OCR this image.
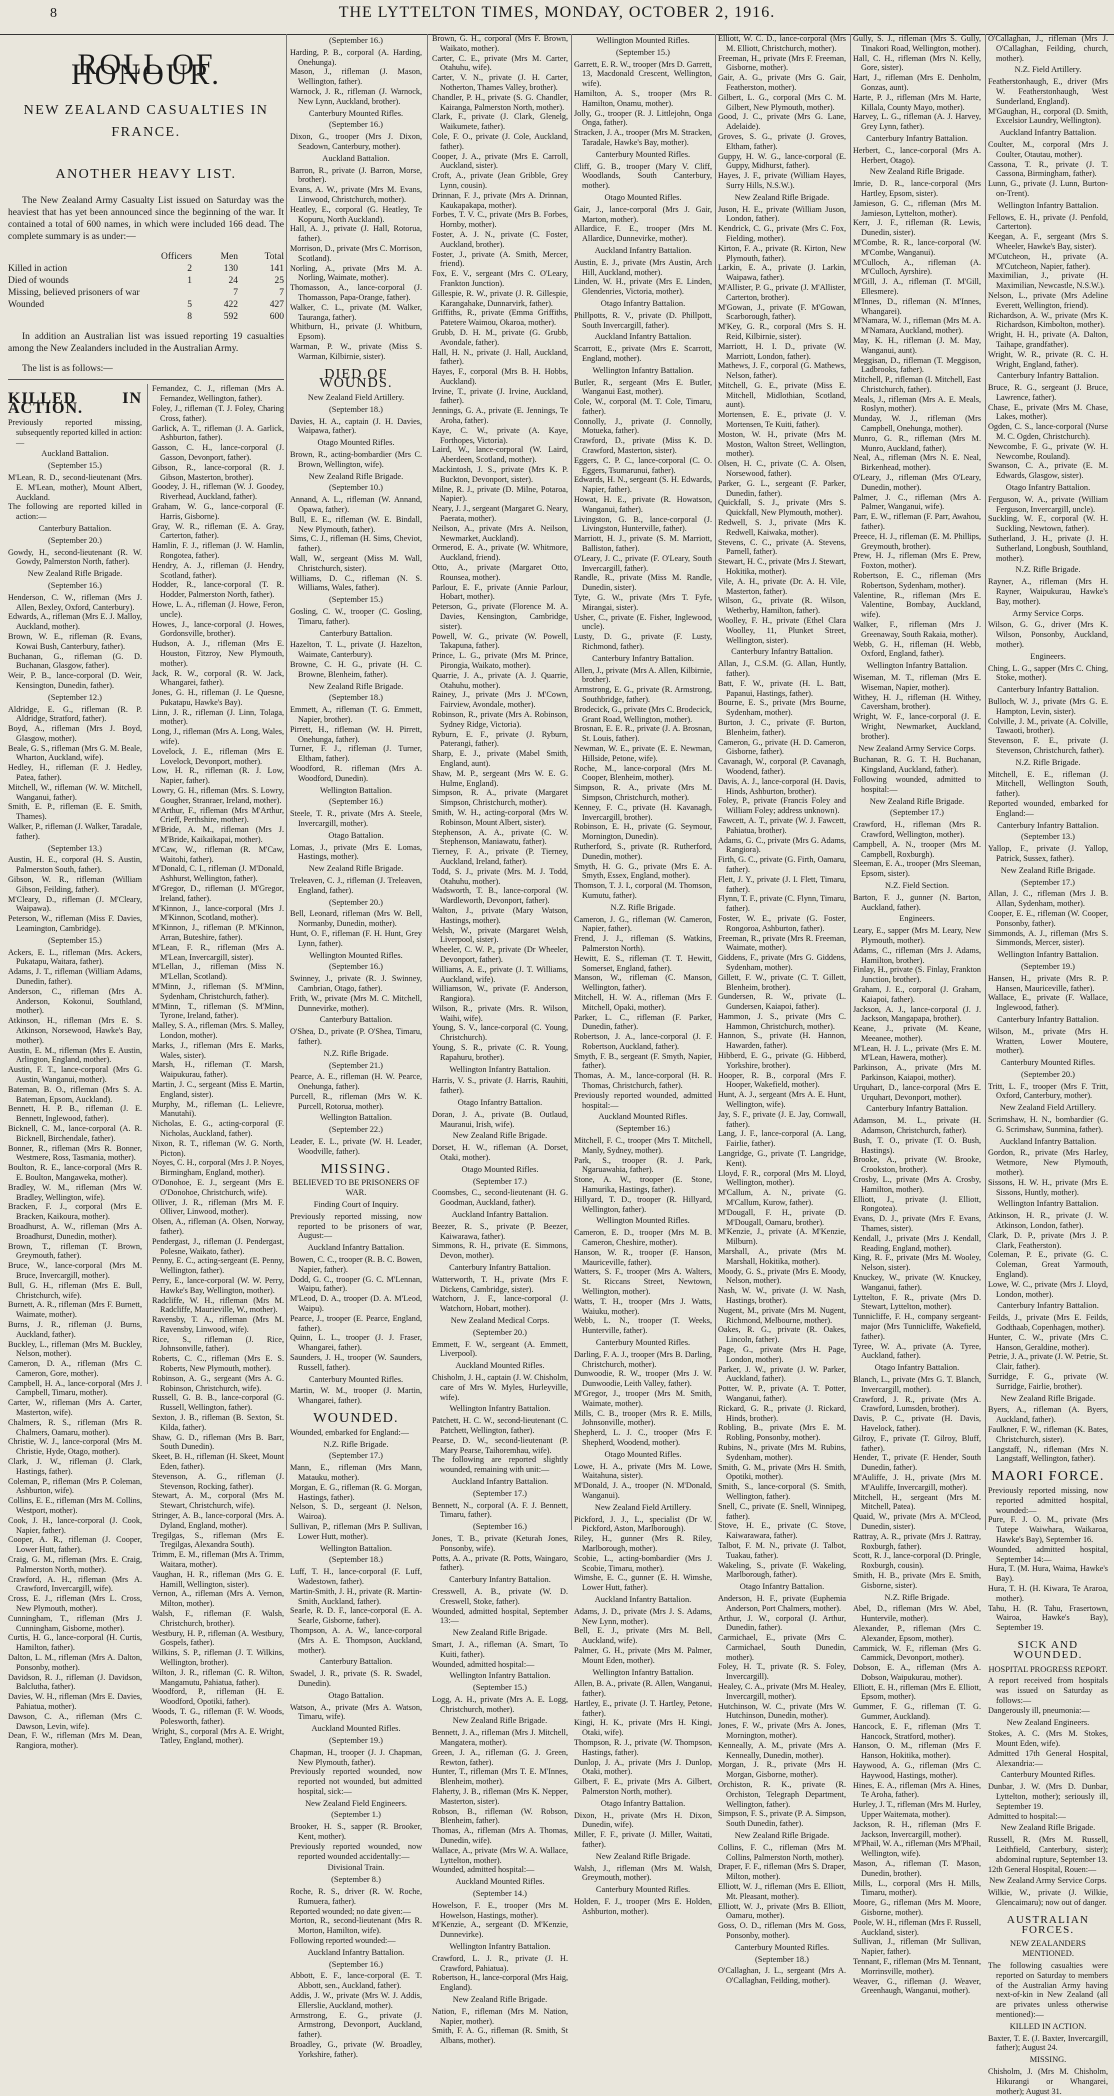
8	THE LYTTELTON TIMES, MONDAY, OCTOBER 2, 1916.
ROLL OF HONOUR.
NEW ZEALAND CASUALTIES IN FRANCE.
ANOTHER HEAVY LIST.

The New Zealand Army Casualty List issued on Saturday was the heaviest that has yet been announced since the beginning of the war. It contained a total of 600 names, in which were included 166 dead. The complete summary is as under:—

	Officers	Men	Total
Killed in action	2	130	141
Died of wounds	1	24	25
Missing, believed prisoners of war		7	7
Wounded	5	422	427
	8	592	600

In addition an Australian list was issued reporting 19 casualties among the New Zealanders included in the Australian Army.

The list is as follows:—

KILLED IN ACTION.

Previously reported missing, subsequently reported killed in action:—

Auckland Battalion.

(September 15.)

M'Lean, R. D., second-lieutenant (Mrs. E. M'Lean, mother), Mount Albert, Auckland.

The following are reported killed in action:—

Canterbury Battalion.

(September 20.)

Gowdy, H., second-lieutenant (R. W. Gowdy, Palmerston North, father).

New Zealand Rifle Brigade.

(September 16.)

Henderson, C. W., rifleman (Mrs J. Allen, Bexley, Oxford, Canterbury).

Edwards, A., rifleman (Mrs E. J. Malloy, Auckland, mother).

Brown, W. E., rifleman (R. Evans, Kowai Bush, Canterbury, father).

Buchanan, G., rifleman (G. D. Buchanan, Glasgow, father).

Weir, P. B., lance-corporal (D. Weir, Kensington, Dunedin, father).

(September 12.)

Aldridge, E. G., rifleman (R. P. Aldridge, Stratford, father).

Boyd, A., rifleman (Mrs J. Boyd, Glasgow, mother).

Beale, G. S., rifleman (Mrs G. M. Beale, Wharton, Auckland, wife).

Hedley, H., rifleman (F. J. Hedley, Patea, father).

Mitchell, W., rifleman (W. W. Mitchell, Wanganui, father).

Smith, E. P., rifleman (E. E. Smith, Thames).

Walker, P., rifleman (J. Walker, Taradale, father).

(September 13.)

Austin, H. E., corporal (H. S. Austin, Palmerston South, father).

Gibson, W. R., rifleman (William Gibson, Feilding, father).

M'Cleary, D., rifleman (J. M'Cleary, Waipawa).

Peterson, W., rifleman (Miss F. Davies, Leamington, Cambridge).

(September 15.)

Ackers, E. L., rifleman (Mrs. Ackers, Pukatapu, Waitara, father).

Adams, J. T., rifleman (William Adams, Dunedin, father).

Anderson, C., rifleman (Mrs A. Anderson, Kokonui, Southland, mother).

Atkinson, H., rifleman (Mrs E. S. Atkinson, Norsewood, Hawke's Bay, mother).

Austin, E. M., rifleman (Mrs E. Austin, Arlington, England, mother).

Austin, F. T., lance-corporal (Mrs G. Austin, Wanganui, mother).

Bateman, B. O., rifleman (Mrs S. A. Bateman, Epsom, Auckland).

Bennett, H. P. B., rifleman (J. E. Bennett, Inglewood, father).

Bicknell, C. M., lance-corporal (A. R. Bicknell, Birchendale, father).

Bonner, R., rifleman (Mrs R. Bonner, Westmere, Ross, Tasmania, mother).

Boulton, R. E., lance-corporal (Mrs R. E. Boulton, Mangaweka, mother).

Bradley, W. M., rifleman (Mrs W. Bradley, Wellington, wife).

Bracken, F. J., corporal (Mrs E. Bracken, Kaikoura, mother).

Broadhurst, A. W., rifleman (Mrs A. Broadhurst, Dunedin, mother).

Brown, T., rifleman (T. Brown, Greymouth, father).

Bruce, W., lance-corporal (Mrs M. Bruce, Invercargill, mother).

Bull, G. H., rifleman (Mrs E. Bull, Christchurch, wife).

Burnett, A. R., rifleman (Mrs F. Burnett, Waimate, mother).

Burns, J. R., rifleman (J. Burns, Auckland, father).

Buckley, L., rifleman (Mrs M. Buckley, Nelson, mother).

Cameron, D. A., rifleman (Mrs C. Cameron, Gore, mother).

Campbell, H. A., lance-corporal (Mrs J. Campbell, Timaru, mother).

Carter, W., rifleman (Mrs A. Carter, Masterton, wife).

Chalmers, R. S., rifleman (Mrs R. Chalmers, Oamaru, mother).

Christie, W. J., lance-corporal (Mrs M. Christie, Hyde, Otago, mother).

Clark, J. W., rifleman (J. Clark, Hastings, father).

Coleman, P., rifleman (Mrs P. Coleman, Ashburton, wife).

Collins, E. E., rifleman (Mrs M. Collins, Westport, mother).

Cook, J. H., lance-corporal (J. Cook, Napier, father).

Cooper, A. R., rifleman (J. Cooper, Lower Hutt, father).

Craig, G. M., rifleman (Mrs. E. Craig, Palmerston North, mother).

Crawford, A. H., rifleman (Mrs A. Crawford, Invercargill, wife).

Cross, E. J., rifleman (Mrs L. Cross, New Plymouth, mother).

Cunningham, T., rifleman (Mrs J. Cunningham, Gisborne, mother).

Curtis, H. G., lance-corporal (H. Curtis, Hamilton, father).

Dalton, L. M., rifleman (Mrs A. Dalton, Ponsonby, mother).

Davidson, R. J., rifleman (J. Davidson, Balclutha, father).

Davies, W. H., rifleman (Mrs E. Davies, Pahiatua, mother).

Dawson, C. A., rifleman (Mrs C. Dawson, Levin, wife).

Dean, F. W., rifleman (Mrs M. Dean, Rangiora, mother).

Fernandez, C. J., rifleman (Mrs A. Fernandez, Wellington, father).

Foley, J., rifleman (T. J. Foley, Charing Cross, father).

Garlick, A. T., rifleman (J. A. Garlick, Ashburton, father).

Gasson, C. H., lance-corporal (J. Gasson, Devonport, father).

Gibson, R., lance-corporal (R. J. Gibson, Masterton, brother).

Goodey, J. H., rifleman (W. J. Goodey, Riverhead, Auckland, father).

Graham, W. G., lance-corporal (F. Harris, Gisborne).

Gray, W. R., rifleman (E. A. Gray, Carterton, father).

Hamlin, F. J., rifleman (J. W. Hamlin, Rongotea, father).

Hendry, A. J., rifleman (J. Hendry, Scotland, father).

Hodder, R., lance-corporal (T. R. Hodder, Palmerston North, father).

Howe, L. A., rifleman (J. Howe, Feron, uncle).

Howes, J., lance-corporal (J. Howes, Gordonsville, brother).

Hudson, A. J., rifleman (Mrs E. Houston, Fitzroy, New Plymouth, mother).

Jack, R. W., corporal (R. W. Jack, Whangarei, father).

Jones, G. H., rifleman (J. Le Quesne, Pukatapu, Hawke's Bay).

Linn, J. R., rifleman (J. Linn, Tolaga, mother).

Long, J., rifleman (Mrs A. Long, Wales, wife).

Lovelock, J. E., rifleman (Mrs E. Lovelock, Devonport, mother).

Low, H. R., rifleman (R. J. Low, Napier, father).

Lowry, G. H., rifleman (Mrs. S. Lowry, Gougher, Stranraer, Ireland, mother).

M'Arthur, F., rifleman (Mrs M'Arthur, Crieff, Perthshire, mother).

M'Bride, A. M., rifleman (Mrs J. M'Bride, Kaikaikapai, mother).

M'Caw, W., rifleman (R. M'Caw, Waitohi, father).

M'Donald, C. I., rifleman (J. M'Donald, Ashhurst, Wellington, father).

M'Gregor, D., rifleman (J. M'Gregor, Ireland, father).

M'Kinnon, J., lance-corporal (Mrs J. M'Kinnon, Scotland, mother).

M'Kinnon, J., rifleman (P. M'Kinnon, Arran, Buteshire, father).

M'Lean, F. R., rifleman (Mrs A. M'Lean, Invercargill, sister).

M'Lellan, J., rifleman (Miss N. M'Lellan, Scotland).

M'Minn, J., rifleman (S. M'Minn, Sydenham, Christchurch, father).

M'Minn, T., rifleman (S. M'Minn, Tyrone, Ireland, father).

Malley, S. A., rifleman (Mrs. S. Malley, London, mother).

Marks, J., rifleman (Mrs E. Marks, Wales, sister).

Marsh, H., rifleman (T. Marsh, Waipukurau, father).

Martin, J. C., sergeant (Miss E. Martin, England, sister).

Murphy, M., rifleman (L. Lelievre, Manutahi).

Nicholas, E. G., acting-corporal (F. Nicholas, Auckland, father).

Nixon, R. T., rifleman (W. G. North, Picton).

Noyes, C. H., corporal (Mrs J. P. Noyes, Birmingham, England, mother).

O'Donohoe, E. J., sergeant (Mrs E. O'Donohoe, Christchurch, wife).

Olliver, J. R., rifleman (Mrs M. F. Olliver, Linwood, mother).

Olsen, A., rifleman (A. Olsen, Norway, father).

Pendergast, J., rifleman (J. Pendergast, Polesne, Waikato, father).

Penny, E. C., acting-sergeant (E. Penny, Wellington, father).

Perry, E., lance-corporal (W. W. Perry, Hawke's Bay, Wellington, mother).

Radcliffe, W. H., rifleman (Mrs M. Radcliffe, Maurieville, W., mother).

Ravensby, T. A., rifleman (Mrs M. Ravensby, Linwood, wife).

Rice, S., rifleman (J. Rice, Johnsonville, father).

Roberts, C. C., rifleman (Mrs E. S. Roberts, New Plymouth, mother).

Robinson, A. G., sergeant (Mrs A. G. Robinson, Christchurch, wife).

Russell, G. B. B., lance-corporal (G. Russell, Wellington, father).

Sexton, J. B., rifleman (B. Sexton, St. Kilda, father).

Shaw, G. D., rifleman (Mrs B. Barr, South Dunedin).

Skeet, B. H., rifleman (H. Skeet, Mount Eden, father).

Stevenson, A. G., rifleman (J. Stevenson, Rocking, father).

Stewart, A. M., corporal (Mrs M. Stewart, Christchurch, wife).

Stringer, A. B., lance-corporal (Mrs. A. Dyland, England, mother).

Tregilgas, S., rifleman (Mrs E. Tregilgas, Alexandra South).

Trimm, E. M., rifleman (Mrs A. Trimm, Waitara, mother).

Vaughan, H. R., rifleman (Mrs G. E. Hamill, Wellington, sister).

Vernon, A., rifleman (Mrs A. Vernon, Milton, mother).

Walsh, F., rifleman (F. Walsh, Christchurch, brother).

Westbury, H. P., rifleman (A. Westbury, Gospels, father).

Wilkins, S. P., rifleman (J. T. Wilkins, Wellington, brother).

Wilton, J. R., rifleman (C. R. Wilton, Mangamutu, Pahiatua, father).

Woodford, P., rifleman (H. E. Woodford, Opotiki, father).

Woods, T. G., rifleman (F. W. Woods, Polesworth, father).

Wright, S., corporal (Mrs A. E. Wright, Tatley, England, mother).

(September 16.)

Harding, P. B., corporal (A. Harding, Onehunga).

Mason, J., rifleman (J. Mason, Wellington, father).

Warnock, J. R., rifleman (J. Warnock, New Lynn, Auckland, brother).

Canterbury Mounted Rifles.

(September 16.)

Dixon, G., trooper (Mrs J. Dixon, Seadown, Canterbury, mother).

Auckland Battalion.

Barron, R., private (J. Barron, Morse, brother).

Evans, A. W., private (Mrs M. Evans, Linwood, Christchurch, mother).

Heatley, E., corporal (G. Heatley, Te Kopuru, North Auckland).

Hall, A. J., private (J. Hall, Rotorua, father).

Morrison, D., private (Mrs C. Morrison, Scotland).

Norling, A., private (Mrs M. A. Norling, Waimate, mother).

Thomasson, A., lance-corporal (J. Thomasson, Papa-Orange, father).

Walker, C. L., private (M. Walker, Tauranga, father).

Whitburn, H., private (J. Whitburn, Epsom).

Warman, P. W., private (Miss S. Warman, Kilbirnie, sister).

DIED OF WOUNDS.

New Zealand Field Artillery.

(September 18.)

Davies, H. A., captain (J. H. Davies, Waipawa, father).

Otago Mounted Rifles.

Brown, R., acting-bombardier (Mrs C. Brown, Wellington, wife).

New Zealand Rifle Brigade.

(September 10.)

Annand, A. L., rifleman (W. Annand, Opawa, father).

Bull, E. E., rifleman (W. E. Bindall, New Plymouth, father).

Sims, C. J., rifleman (H. Sims, Cheviot, father).

Wall, W., sergeant (Miss M. Wall, Christchurch, sister).

Williams, D. C., rifleman (N. S. Williams, Wales, father).

(September 15.)

Gosling, C. W., trooper (C. Gosling, Timaru, father).

Canterbury Battalion.

Hazelton, T. L., private (J. Hazelton, Waimate, Canterbury).

Browne, C. H. G., private (H. C. Browne, Blenheim, father).

New Zealand Rifle Brigade.

(September 18.)

Emmett, A., rifleman (T. G. Emmett, Napier, brother).

Pirrett, H., rifleman (W. H. Pirrett, Onehunga, father).

Turner, F. J., rifleman (J. Turner, Eltham, father).

Woodford, R. rifleman (Mrs A. Woodford, Dunedin).

Wellington Battalion.

(September 16.)

Steele, T. R., private (Mrs A. Steele, Invercargill, mother).

Otago Battalion.

Lomas, J., private (Mrs E. Lomas, Hastings, mother).

New Zealand Rifle Brigade.

Treleaven, C. J., rifleman (J. Treleaven, England, father).

(September 20.)

Bell, Leonard, rifleman (Mrs W. Bell, Normanby, Dunedin, mother).

Hunt, O. F., rifleman (F. H. Hunt, Grey Lynn, father).

Wellington Mounted Rifles.

(September 16.)

Swinney, J., private (R. J. Swinney, Cambrian, Otago, father).

Frith, W., private (Mrs M. C. Mitchell, Dunnevirke, mother).

Canterbury Battalion.

O'Shea, D., private (P. O'Shea, Timaru, father).

N.Z. Rifle Brigade.

(September 21.)

Pearce, A. E., rifleman (H. W. Pearce, Onehunga, father).

Purcell, R., rifleman (Mrs W. K. Purcell, Rotorua, mother).

Wellington Battalion.

(September 22.)

Leader, E. L., private (W. H. Leader, Woodville, father).

MISSING.
BELIEVED TO BE PRISONERS OF WAR.

Finding Court of Inquiry.

Previously reported missing, now reported to be prisoners of war, August:—

Auckland Infantry Battalion.

Bowen, C. C., trooper (R. B. C. Bowen, Napier, father).

Dodd, G. C., trooper (G. C. M'Lennan, Waipu, father).

M'Leod, D. A., trooper (D. A. M'Leod, Waipu).

Pearce, J., trooper (E. Pearce, England, father).

Quinn, L. L., trooper (J. J. Fraser, Whangarei, father).

Saunders, J. H., trooper (W. Saunders, Russell, father).

Canterbury Mounted Rifles.

Martin, W. M., trooper (J. Martin, Whangarei, father).

WOUNDED.

Wounded, embarked for England:—

N.Z. Rifle Brigade.

(September 17.)

Mann, E., rifleman (Mrs Mann, Matauku, mother).

Morgan, E. G., rifleman (R. G. Morgan, Hastings, father).

Nelson, S. D., sergeant (J. Nelson, Wairoa).

Sullivan, P., rifleman (Mrs P. Sullivan, Lower Hutt, mother).

Wellington Battalion.

(September 18.)

Luff, T. H., lance-corporal (F. Luff, Wadestown, father).

Martin-Smith, J. H., private (R. Martin-Smith, Auckland, father).

Searle, R. D. F., lance-corporal (E. A. Searle, Gisborne, father).

Thompson, A. A. W., lance-corporal (Mrs A. E. Thompson, Auckland, mother).

Canterbury Battalion.

Swadel, J. R., private (S. R. Swadel, Dunedin).

Otago Battalion.

Watson, A., private (Mrs A. Watson, Timaru, wife).

Auckland Mounted Rifles.

(September 19.)

Chapman, H., trooper (J. J. Chapman, New Plymouth, father).

Previously reported wounded, now reported not wounded, but admitted hospital, sick:—

New Zealand Field Engineers.

(September 1.)

Brooker, H. S., sapper (R. Brooker, Kent, mother).

Previously reported wounded, now reported wounded accidentally:—

Divisional Train.

(September 8.)

Roche, R. S., driver (R. W. Roche, Rumuera, father).

Reported wounded; no date given:—

Morton, R., second-lieutenant (Mrs R. Morton, Hamilton, wife).

Following reported wounded:—

Auckland Infantry Battalion.

(September 16.)

Abbott, E. F., lance-corporal (E. T. Abbott, sen., Auckland, father).

Addis, J. W., private (Mrs W. J. Addis, Ellerslie, Auckland, mother).

Armstrong, E. G., private (J. Armstrong, Devonport, Auckland, father).

Broadley, G., private (W. Broadley, Yorkshire, father).

Brown, G. H., corporal (Mrs F. Brown, Waikato, mother).

Carter, C. E., private (Mrs M. Carter, Otahuhu, wife).

Carter, V. N., private (J. H. Carter, Notherton, Thames Valley, brother).

Chandler, P. H., private (S. G. Chandler, Kairanga, Palmerston North, mother).

Clark, F., private (J. Clark, Glenelg, Waikumete, father).

Cole, F. O., private (J. Cole, Auckland, father).

Cooper, J. A., private (Mrs E. Carroll, Auckland, sister).

Croft, A., private (Jean Gribble, Grey Lynn, cousin).

Drinnan, F. J., private (Mrs A. Drinnan, Kaukapakapa, mother).

Forbes, T. V. C., private (Mrs B. Forbes, Hornby, mother).

Foster, A. J. N., private (C. Foster, Auckland, brother).

Foster, J., private (A. Smith, Mercer, friend).

Fox, E. V., sergeant (Mrs C. O'Leary, Frankton Junction).

Gillespie, R. W., private (J. R. Gillespie, Karangahake, Dunnarvirk, father).

Griffiths, R., private (Emma Griffiths, Patetere Waimou, Okaroa, mother).

Grubb, D. H. M., private (G. Grubb, Avondale, father).

Hall, H. N., private (J. Hall, Auckland, father).

Hayes, F., corporal (Mrs B. H. Hobbs, Auckland).

Irvine, T., private (J. Irvine, Auckland, father).

Jennings, G. A., private (E. Jennings, Te Aroha, father).

Kaye, C. W., private (A. Kaye, Forthopes, Victoria).

Laird, W., lance-corporal (W. Laird, Aberdeen, Scotland, mother).

Mackintosh, J. S., private (Mrs K. P. Buckton, Devonport, sister).

Milne, R. J., private (D. Milne, Potaroa, Napier).

Neary, J. J., sergeant (Margaret G. Neary, Paerata, mother).

Neilson, A., private (Mrs A. Neilson, Newmarket, Auckland).

Ormerod, E. A., private (W. Whitmore, Auckland, friend).

Otto, A., private (Margaret Otto, Rounsea, mother).

Parlour, E. F., private (Annie Parlour, Hobart, mother).

Peterson, G., private (Florence M. A. Davies, Kensington, Cambridge, sister).

Powell, W. G., private (W. Powell, Takapuna, father).

Prince, L. G., private (Mrs M. Prince, Pirongia, Waikato, mother).

Quarrie, J. A., private (A. J. Quarrie, Otahuhu, mother).

Rainey, J., private (Mrs J. M'Cown, Fairview, Avondale, mother).

Robinson, R., private (Mrs A. Robinson, Sydney Ridge, Victoria).

Ryburn, E. F., private (J. Ryburn, Paterangi, father).

Sharp, E. J., private (Mabel Smith, England, aunt).

Shaw, M. P., sergeant (Mrs W. E. G. Hulme, England).

Simpson, R. A., private (Margaret Simpson, Christchurch, mother).

Smith, W. H., acting-corporal (Mrs W. Robinson, Mount Albert, sister).

Stephenson, A. A., private (C. W. Stephenson, Maniawatu, father).

Tierney, F. A., private (P. Tierney, Auckland, Ireland, father).

Todd, S. J., private (Mrs. M. J. Todd, Otahuhu, mother).

Wadsworth, T. B., lance-corporal (W. Wardleworth, Devonport, father).

Walton, J., private (Mary Watson, Hastings, mother).

Welsh, W., private (Margaret Welsh, Liverpool, sister).

Wheeler, C. W. P., private (Dr Wheeler, Devonport, father).

Williams, A. E., private (J. T. Williams, Auckland, wife).

Williamson, W., private (F. Anderson, Rangiora).

Wilson, R., private (Mrs. R. Wilson, Waihi, wife).

Young, S. V., lance-corporal (C. Young, Christchurch).

Young, S. R., private (C. R. Young, Rapahuru, brother).

Wellington Infantry Battalion.

Harris, V. S., private (J. Harris, Rauhiti, father).

Otago Infantry Battalion.

Doran, J. A., private (B. Outlaud, Mauranui, Irish, wife).

New Zealand Rifle Brigade.

Dorset, H. W., rifleman (A. Dorset, Otaki, mother).

Otago Mounted Rifles.

(September 17.)

Coomsbes, C., second-lieutenant (H. G. Goodman, Auckland, father).

Auckland Infantry Battalion.

Beezer, R. S., private (P. Beezer, Kaiwarawa, father).

Simmons, R. H., private (E. Simmons, Devon, mother).

Canterbury Infantry Battalion.

Watterworth, T. H., private (Mrs F. Dickens, Cambridge, sister).

Watchorn, J. F., lance-corporal (J. Watchorn, Hobart, mother).

New Zealand Medical Corps.

(September 20.)

Emmett, F. W., sergeant (A. Emmett, Liverpool).

Auckland Mounted Rifles.

Chisholm, J. H., captain (J. W. Chisholm, care of Mrs W. Myles, Hurleyville, wife).

Wellington Infantry Battalion.

Patchett, H. C. W., second-lieutenant (C. Patchett, Wellington, father).

Pearse, D. W., second-lieutenant (P. Mary Pearse, Taihoremhau, wife).

The following are reported slightly wounded, remaining with unit:—

Auckland Infantry Battalion.

(September 17.)

Bennett, N., corporal (A. F. J. Bennett, Timaru, father).

(September 16.)

Jones, T. B., private (Keturah Jones, Ponsonby, wife).

Potts, A. A., private (R. Potts, Waingaro, father).

Canterbury Infantry Battalion.

Cresswell, A. B., private (W. D. Creswell, Stoke, father).

Wounded, admitted hospital, September 13:—

New Zealand Rifle Brigade.

Smart, J. A., rifleman (A. Smart, To Kuiti, father).

Wounded, admitted hospital:—

Wellington Infantry Battalion.

(September 15.)

Logg, A. H., private (Mrs A. E. Logg, Christchurch, mother).

New Zealand Rifle Brigade.

Bennett, J. A., rifleman (Mrs J. Mitchell, Mangatera, mother).

Green, J. A., rifleman (G. J. Green, Rewton, father).

Hunter, T., rifleman (Mrs T. E. M'Innes, Blenheim, mother).

Flaherty, J. B., rifleman (Mrs K. Nepper, Masterton, sister).

Robson, B., rifleman (W. Robson, Blenheim, father).

Thomas, A., rifleman (Mrs A. Thomas, Dunedin, wife).

Wallace, A., private (Mrs W. A. Wallace, Lyttelton, mother).

Wounded, admitted hospital:—

Auckland Mounted Rifles.

(September 14.)

Howelson, F. E., trooper (Mrs M. Howelson, Hastings, mother).

M'Kenzie, A., sergeant (D. M'Kenzie, Dunnevirke).

Wellington Infantry Battalion.

Crawford, L. J. R., private (J. H. Crawford, Pahiatua).

Robertson, H., lance-corporal (Mrs Haig, England).

New Zealand Rifle Brigade.

Nation, F., rifleman (Mrs M. Nation, Napier, mother).

Smith, F. A. G., rifleman (R. Smith, St Albans, mother).

Wellington Mounted Rifles.

(September 15.)

Garrett, E. R. W., trooper (Mrs D. Garrett, 13, Macdonald Crescent, Wellington, wife).

Hamilton, A. S., trooper (Mrs R. Hamilton, Onamu, mother).

Jolly, G., trooper (R. J. Littlejohn, Onga Onga, father).

Stracken, J. A., trooper (Mrs M. Stracken, Taradale, Hawke's Bay, mother).

Canterbury Mounted Rifles.

Cliff, G. B., trooper (Mary V. Cliff, Woodlands, South Canterbury, mother).

Otago Mounted Rifles.

Gair, J., lance-corporal (Mrs J. Gair, Marton, mother).

Allardice, F. E., trooper (Mrs M. Allardice, Dunnevirke, mother).

Auckland Infantry Battalion.

Austin, E. J., private (Mrs Austin, Arch Hill, Auckland, mother).

Linden, W. H., private (Mrs E. Linden, Glendenries, Victoria, mother).

Otago Infantry Battalion.

Phillpotts, R. V., private (D. Phillpott, South Invercargill, father).

Auckland Infantry Battalion.

Scarrott, E., private (Mrs E. Scarrott, England, mother).

Wellington Infantry Battalion.

Butler, R., sergeant (Mrs E. Butler, Wanganui East, mother).

Cole, W., corporal (M. T. Cole, Timaru, father).

Connolly, J., private (J. Connolly, Motueka, father).

Crawford, D., private (Miss K. D. Crawford, Masterton, sister).

Eggers, C. P. C., lance-corporal (C. O. Eggers, Tsumarunui, father).

Edwards, H. N., sergeant (S. H. Edwards, Napier, father).

Howat, H. E., private (R. Howatson, Wanganui, father).

Livingston, G. B., lance-corporal (J. Livingston, Hunterville, father).

Marriott, H. J., private (S. M. Marriott, Balliston, father).

O'Leary, J. C., private (F. O'Leary, South Invercargill, father).

Randle, R., private (Miss M. Randle, Dunedin, sister).

Tyte, G. W., private (Mrs T. Fyfe, Mirangai, sister).

Usher, C., private (E. Fisher, Inglewood, uncle).

Lusty, D. G., private (F. Lusty, Richmond, father).

Canterbury Infantry Battalion.

Allen, J., private (Mrs A. Allen, Kilbirnie, brother).

Armstrong, E. G., private (R. Armstrong, Southbridge, father).

Brodecick, G., private (Mrs C. Brodecick, Grant Road, Wellington, mother).

Brosnan, E. E. R., private (J. A. Brosnan, St. Louis, father).

Newman, W. E., private (E. E. Newman, Hillside, Petone, wife).

Roche, M., lance-corporal (Mrs M. Cooper, Blenheim, mother).

Simpson, R. A., private (Mrs M. Simpson, Christchurch, mother).

Kenney, F. C., private (H. Kavanagh, Invercargill, brother).

Robinson, E. H., private (G. Seymour, Mornington, Dunedin).

Rutherford, S., private (R. Rutherford, Dunedin, mother).

Smyth, H. G. G., private (Mrs E. A. Smyth, Essex, England, mother).

Thomson, T. J. I., corporal (M. Thomson, Kumutu, father).

N.Z. Rifle Brigade.

Cameron, J. G., rifleman (W. Cameron, Napier, father).

Frend, J. J., rifleman (S. Watkins, Palmerston North).

Hewitt, E. S., rifleman (T. T. Hewitt, Somerset, England, father).

Manson, W., rifleman (C. Manson, Wellington, father).

Mitchell, H. W. A., rifleman (Mrs F. Mitchell, Opaki, mother).

Parker, L. C., rifleman (F. Parker, Dunedin, father).

Robertson, J. A., lance-corporal (J. F. Robertson, Auckland, father).

Smyth, F. B., sergeant (F. Smyth, Napier, father).

Thomas, A. M., lance-corporal (H. R. Thomas, Christchurch, father).

Previously reported wounded, admitted hospital:—

Auckland Mounted Rifles.

(September 16.)

Mitchell, F. C., trooper (Mrs T. Mitchell, Manly, Sydney, mother).

Park, S., trooper (R. J. Park, Ngaruawahia, father).

Stone, A. W., trooper (E. Stone, Hamurika, Hastings, father).

Hillyard, T. D., trooper (R. Hillyard, Wellington, father).

Wellington Mounted Rifles.

Cameron, E. D., trooper (Mrs M. B. Cameron, Cheshire, mother).

Hanson, W. R., trooper (F. Hanson, Mauriceville, father).

Watters, S. F., trooper (Mrs A. Walters, St. Riccans Street, Newtown, Wellington, mother).

Watts, T. H., trooper (Mrs J. Watts, Waiuku, mother).

Webb, L. N., trooper (T. Weeks, Hunterville, father).

Canterbury Mounted Rifles.

Darling, F. A. J., trooper (Mrs B. Darling, Christchurch, mother).

Dunwoodie, R. W., trooper (Mrs J. W. Dunwoodie, Leith Valley, father).

M'Gregor, J., trooper (Mrs M. Smith, Waimate, mother).

Mills, C. B., trooper (Mrs R. E. Mills, Johnsonville, mother).

Shepherd, L. J. C., trooper (Mrs F. Shepherd, Woodend, mother).

Otago Mounted Rifles.

Lowe, H. A., private (Mrs M. Lowe, Waitahuna, sister).

M'Donald, J. A., trooper (N. M'Donald, Wanganui).

New Zealand Field Artillery.

Pickford, J. J., L., specialist (Dr W. Pickford, Aston, Marlborough).

Riley, H., gunner (Mrs R. Riley, Marlborough, mother).

Scobie, L., acting-bombardier (Mrs J. Scobie, Timaru, mother).

Wimshe, E. C., gunner (E. H. Wimshe, Lower Hutt, father).

Auckland Infantry Battalion.

Adams, J. D., private (Mrs J. S. Adams, New Lynn, mother).

Bell, E. J., private (Mrs M. Bell, Auckland, wife).

Palmer, G. H., private (Mrs M. Palmer, Mount Eden, mother).

Wellington Infantry Battalion.

Allen, B. A., private (R. Allen, Wanganui, father).

Hartley, E., private (J. T. Hartley, Petone, father).

Kingi, H. K., private (Mrs H. Kingi, Otaki, wife).

Thompson, R. J., private (W. Thompson, Hastings, father).

Dunlop, J. A., private (Mrs J. Dunlop, Otaki, mother).

Gilbert, F. E., private (Mrs A. Gilbert, Palmerston North, mother).

Otago Infantry Battalion.

Dixon, H., private (Mrs H. Dixon, Dunedin, wife).

Miller, F. F., private (J. Miller, Waitati, father).

New Zealand Rifle Brigade.

Walsh, J., rifleman (Mrs M. Walsh, Greymouth, mother).

Canterbury Mounted Rifles.

Holden, F. J., trooper (Mrs E. Holden, Ashburton, mother).

Elliott, W. C. D., lance-corporal (Mrs M. Elliott, Christchurch, mother).

Freeman, H., private (Mrs F. Freeman, Gisborne, mother).

Gair, A. G., private (Mrs G. Gair, Featherston, mother).

Gilbert, L. G., corporal (Mrs C. M. Gilbert, New Plymouth, mother).

Good, J. C., private (Mrs G. Lane, Adelaide).

Groves, S. G., private (J. Groves, Eltham, father).

Guppy, H. W. G., lance-corporal (E. Guppy, Midhurst, father).

Hayes, J. F., private (William Hayes, Surry Hills, N.S.W.).

New Zealand Rifle Brigade.

Juson, H. E., private (William Juson, London, father).

Kendrick, C. G., private (Mrs C. Fox, Fielding, mother).

Kirton, F. A., private (R. Kirton, New Plymouth, father).

Larkin, E. A., private (J. Larkin, Waipawa, father).

M'Allister, P. G., private (J. M'Allister, Carterton, brother).

M'Gowan, J., private (F. M'Gowan, Scarborough, father).

M'Key, G. R., corporal (Mrs S. H. Reid, Kilbirnie, sister).

Marriott, H. I. D., private (W. Marriott, London, father).

Mathews, J. F., corporal (G. Mathews, Nelson, father).

Mitchell, G. E., private (Miss E. Mitchell, Midlothian, Scotland, aunt).

Mortensen, E. E., private (J. V. Mortensen, Te Kuiti, father).

Moston, W. H., private (Mrs M. Moston, Walton Street, Wellington, mother).

Olsen, H. C., private (C. A. Olsen, Norsewood, father).

Parker, G. L., sergeant (F. Parker, Dunedin, father).

Quickfall, S. J., private (Mrs S. Quickfall, New Plymouth, mother).

Redwell, S. J., private (Mrs K. Redwell, Kaiwaka, mother).

Stevens, C. C., private (A. Stevens, Parnell, father).

Stewart, H. C., private (Mrs J. Stewart, Hokitika, mother).

Vile, A. H., private (Dr. A. H. Vile, Masterton, father).

Wilson, G., private (R. Wilson, Wetherby, Hamilton, father).

Woolley, F. H., private (Ethel Clara Woolley, 11, Plunket Street, Wellington, sister).

Canterbury Infantry Battalion.

Allan, J., C.S.M. (G. Allan, Huntly, father).

Batt, F. W., private (H. L. Batt, Papanui, Hastings, father).

Bourne, E. S., private (Mrs Bourne, Sydenham, mother).

Burton, J. C., private (F. Burton, Blenheim, father).

Cameron, G., private (H. D. Cameron, Gisborne, father).

Cavanagh, W., corporal (P. Cavanagh, Woodend, father).

Davis, A. J., lance-corporal (H. Davis, Hinds, Ashburton, brother).

Foley, P., private (Francis Foley and William Foley; address unknown).

Fawcett, A. T., private (W. J. Fawcett, Pahiatua, brother).

Adams, G. C., private (Mrs G. Adams, Rangiora).

Firth, G. C., private (G. Firth, Oamaru, father).

Flett, J. Y., private (J. I. Flett, Timaru, father).

Flynn, T. F., private (C. Flynn, Timaru, father).

Foster, W. E., private (G. Foster, Rongoroa, Ashburton, father).

Freeman, R., private (Mrs R. Freeman, Waimate, mother).

Giddens, F., private (Mrs G. Giddens, Sydenham, mother).

Gillett, F. W., private (C. T. Gillett, Blenheim, brother).

Gundersen, R. W., private (L. Gundersen, Kaiapoi, father).

Hammon, J. S., private (Mrs C. Hammon, Christchurch, mother).

Hannon, S., private (H. Hannon, Hawarden, father).

Hibberd, E. G., private (G. Hibberd, Yorkshire, brother).

Hooper, R. B., corporal (Mrs F. Hooper, Wakefield, mother).

Hunt, A. J., sergeant (Mrs A. E. Hunt, Wellington, wife).

Jay, S. F., private (J. E. Jay, Cornwall, father).

Lang, J. F., lance-corporal (A. Lang, Fairlie, father).

Langridge, G., private (T. Langridge, Kent).

Lloyd, F. R., corporal (Mrs M. Lloyd, Wellington, mother).

M'Callum, A. N., private (G. M'Callum, Kurow, father).

M'Dougall, F. H., private (D. M'Dougall, Oamaru, brother).

M'Kenzie, J., private (A. M'Kenzie, Milburn).

Marshall, A., private (Mrs M. Marshall, Hokitika, mother).

Moody, G. S., private (Mrs E. Moody, Nelson, mother).

Nash, W. W., private (J. W. Nash, Hastings, brother).

Nugent, M., private (Mrs M. Nugent, Richmond, Melbourne, mother).

Oakes, R. G., private (R. Oakes, Lincoln, father).

Page, G., private (Mrs H. Page, London, mother).

Parker, J. W., private (J. W. Parker, Auckland, father).

Potter, W. P., private (A. T. Potter, Wanganui, father).

Rickard, G. R., private (J. Rickard, Hinds, brother).

Robling, B., private (Mrs E. M. Robling, Ponsonby, mother).

Rubins, N., private (Mrs M. Rubins, Sydenham, mother).

Smith, G. M., private (Mrs H. Smith, Opotiki, mother).

Smith, S., lance-corporal (S. Smith, Wellington, father).

Snell, C., private (E. Snell, Winnipeg, father).

Stove, H. E., private (C. Stove, Kaiwarawara, father).

Talbot, F. M. N., private (J. Talbot, Tuakau, father).

Wakeling, S., private (F. Wakeling, Marlborough, father).

Otago Infantry Battalion.

Anderson, H. F., private (Euphemia Anderson, Port Chalmers, mother).

Arthur, J. W., corporal (J. Arthur, Dunedin, father).

Carmichael, E., private (Mrs C. Carmichael, South Dunedin, mother).

Foley, H. T., private (R. S. Foley, Invercargill).

Healey, C. A., private (Mrs M. Healey, Invercargill, mother).

Hutchinson, W. C., private (Mrs W. Hutchinson, Dunedin, mother).

Jones, F. W., private (Mrs A. Jones, Mornington, mother).

Kenneally, A. M., private (Mrs A. Kenneally, Dunedin, mother).

Morgan, J. R., private (Mrs H. Morgan, Gisborne, mother).

Orchiston, R. K., private (R. Orchiston, Telegraph Department, Wellington, father).

Simpson, F. S., private (P. A. Simpson, South Dunedin, father).

New Zealand Rifle Brigade.

Collins, F. C., rifleman (Mrs M. Collins, Palmerston North, mother).

Draper, F. F., rifleman (Mrs S. Draper, Milton, mother).

Elliott, W. J., rifleman (Mrs E. Elliott, Mt. Pleasant, mother).

Elliott, W. J., private (Mrs B. Elliott, Oamaru, mother).

Goss, O. D., rifleman (Mrs M. Goss, Ponsonby, mother).

Canterbury Mounted Rifles.

(September 18.)

O'Callaghan, J. L., sergeant (Mrs A. O'Callaghan, Feilding, mother).

Gully, S. J., rifleman (Mrs S. Gully, Tinakori Road, Wellington, mother).

Hall, C. H., rifleman (Mrs N. Kelly, Gore, sister).

Hart, J., rifleman (Mrs E. Denholm, Gonzas, aunt).

Harte, P. J., rifleman (Mrs M. Harte, Killala, County Mayo, mother).

Harvey, L. G., rifleman (A. J. Harvey, Grey Lynn, father).

Canterbury Infantry Battalion.

Herbert, C., lance-corporal (Mrs A. Herbert, Otago).

New Zealand Rifle Brigade.

Imrie, D. R., lance-corporal (Mrs Hartley, Epsom, sister).

Jamieson, G. C., rifleman (Mrs M. Jamieson, Lyttelton, mother).

Kerr, J. F., rifleman (R. Lewis, Dunedin, sister).

M'Combe, R. R., lance-corporal (W. M'Combe, Wanganui).

M'Culloch, A., rifleman (A. M'Culloch, Ayrshire).

M'Gill, J. A., rifleman (T. M'Gill, Ellesmere).

M'Innes, D., rifleman (N. M'Innes, Whangarei).

M'Namara, W. J., rifleman (Mrs M. A. M'Namara, Auckland, mother).

May, K. H., rifleman (J. M. May, Wanganui, aunt).

Meggisan, D., rifleman (T. Meggison, Ladbrooks, father).

Mitchell, P., rifleman (I. Mitchell, East Christchurch, father).

Meals, J., rifleman (Mrs A. E. Meals, Roslyn, mother).

Munday, W. J., rifleman (Mrs Campbell, Onehunga, mother).

Munro, G. R., rifleman (Mrs M. Munro, Auckland, father).

Neal, A., rifleman (Mrs N. E. Neal, Birkenhead, mother).

O'Leary, J., rifleman (Mrs O'Leary, Dunedin, mother).

Palmer, J. C., rifleman (Mrs A. Palmer, Wanganui, wife).

Parr, E. W., rifleman (F. Parr, Awahou, father).

Preece, H. J., rifleman (E. M. Phillips, Greymouth, brother).

Prew, H. J., rifleman (Mrs E. Prew, Foxton, mother).

Robertson, E. C., rifleman (Mrs Robertson, Sydenham, mother).

Valentine, R., rifleman (Mrs E. Valentine, Bombay, Auckland, wife).

Walker, F., rifleman (Mrs J. Greenaway, South Rakaia, mother).

Webb, G. H., rifleman (H. Webb, Oxford, England, father).

Wellington Infantry Battalion.

Wiseman, M. T., rifleman (Mrs E. Wiseman, Napier, mother).

Withey, H. J., rifleman (H. Withey, Caversham, brother).

Wright, W. F., lance-corporal (J. E. Wright, Newmarket, Auckland, brother).

New Zealand Army Service Corps.

Buchanan, R. G. T. H. Buchanan, Kingsland, Auckland, father).

Following wounded, admitted to hospital:—

New Zealand Rifle Brigade.

(September 17.)

Crawford, H., rifleman (Mrs R. Crawford, Wellington, mother).

Campbell, A. N., trooper (Mrs M. Campbell, Roxburgh).

Sleeman, E. A., trooper (Mrs Sleeman, Epsom, sister).

N.Z. Field Section.

Barton, F. J., gunner (N. Barton, Auckland, father).

Engineers.

Leary, E., sapper (Mrs M. Leary, New Plymouth, mother).

Adams, C., rifleman (Mrs J. Adams, Hamilton, brother).

Finlay, H., private (S. Finlay, Frankton Junction, brother).

Graham, J. E., corporal (J. Graham, Kaiapoi, father).

Jackson, A. J., lance-corporal (J. J. Jackson, Mangapapa, brother).

Keane, J., private (M. Keane, Meeanee, mother).

M'Lean, H. J. L., private (Mrs E. M. M'Lean, Hawera, mother).

Parkinson, A., private (Mrs M. Parkinson, Kaiapoi, mother).

Urquhart, D., lance-corporal (Mrs E. Urquhart, Devonport, mother).

Canterbury Infantry Battalion.

Adamson, M. L., private (H. Adamson, Christchurch, father).

Bush, T. O., private (T. O. Bush, Hastings).

Brooke, A., private (W. Brooke, Crookston, brother).

Crosby, L., private (Mrs A. Crosby, Hamilton, mother).

Elliott, J., private (J. Elliott, Rongotea).

Evans, D. J., private (Mrs F. Evans, Thames, sister).

Kendall, J., private (Mrs J. Kendall, Reading, England, mother).

King, R. F., private (Mrs M. Wooley, Nelson, sister).

Knuckey, W., private (W. Knuckey, Wanganui, father).

Lyttelton, F. R., private (Mrs D. Stewart, Lyttelton, mother).

Tunnicliffe, F. H., company sergeant-major (Mrs Tunnicliffe, Wakefield, father).

Tyree, W. A., private (A. Tyree, Auckland, father).

Otago Infantry Battalion.

Blanch, L., private (Mrs G. T. Blanch, Invercargill, mother).

Crawford, J. R., private (Mrs A. Crawford, Lumsden, brother).

Davis, P. C., private (H. Davis, Havelock, father).

Gilroy, F., private (T. Gilroy, Bluff, father).

Hender, T., private (F. Hender, South Dunedin, father).

M'Auliffe, J. H., private (Mrs M. M'Auliffe, Invercargill, mother).

Mitchell, H., sergeant (Mrs M. Mitchell, Patea).

Quaid, W., private (Mrs A. M'Cleod, Dunedin, sister).

Rattray, A. R., private (Mrs J. Rattray, Roxburgh, father).

Scott, R. J., lance-corporal (D. Pringle, Roxburgh, cousin).

Smith, H. B., private (Mrs E. Smith, Gisborne, sister).

N.Z. Rifle Brigade.

Abel, D., rifleman (Mrs W. Abel, Huntervile, mother).

Alexander, P., rifleman (Mrs C. Alexander, Epsom, mother).

Cammick, W. F., rifleman (Mrs G. Cammick, Devonport, mother).

Dobson, E. A., rifleman (Mrs A. Dobson, Waipukurau, mother).

Elliott, E. H., rifleman (Mrs E. Elliott, Epsom, mother).

Gummer, F. G., rifleman (T. G. Gummer, Auckland).

Hancock, E. F., rifleman (Mrs T. Hancock, Stratford, mother).

Hanson, O. M., rifleman (Mrs F. Hanson, Hokitika, mother).

Haywood, A. G., rifleman (Mrs C. Haywood, Hastings, mother).

Hines, E. A., rifleman (Mrs A. Hines, Te Aroha, father).

Hurley, J. T., rifleman (Mrs M. Hurley, Upper Waitemata, mother).

Jackson, R. H., rifleman (Mrs F. Jackson, Invercargill, mother).

M'Phail, W. A., rifleman (Mrs M'Phail, Wellington, wife).

Mason, A., rifleman (T. Mason, Dunedin, brother).

Mills, L., corporal (Mrs H. Mills, Timaru, mother).

Moore, G., rifleman (Mrs M. Moore, Gisborne, mother).

Poole, W. H., rifleman (Mrs F. Russell, Auckland, sister).

Sullivan, J., rifleman (Mr Sullivan, Napier, father).

Tennant, F., rifleman (Mrs M. Tennant, Morrinsville, mother).

Weaver, G., rifleman (J. Weaver, Greenhaugh, Wanganui, mother).

O'Callaghan, J., rifleman (Mrs J. O'Callaghan, Feilding, church, mother).

N.Z. Field Artillery.

Featherstonhaugh, E., driver (Mrs W. Featherstonhaugh, West Sunderland, England).

M'Gaughan, H., corporal (D. Smith, Excelsior Laundry, Wellington).

Auckland Infantry Battalion.

Coulter, M., corporal (Mrs J. Coulter, Otautau, mother).

Cassona, T. R., private (J. T. Cassona, Birmingham, father).

Lunn, G., private (J. Lunn, Burton-on-Trent).

Wellington Infantry Battalion.

Fellows, E. H., private (J. Penfold, Carterton).

Keegan, A. F., sergeant (Mrs S. Wheeler, Hawke's Bay, sister).

M'Cutcheon, H., private (A. M'Cutcheon, Napier, father).

Maximilian, J., private (H. Maximilian, Newcastle, N.S.W.).

Nelson, L., private (Mrs Adeline Everett, Wellington, friend).

Richardson, A. W., private (Mrs K. Richardson, Kimbolton, mother).

Wright, H. H., private (A. Dalton, Taihape, grandfather).

Wright, W. R., private (R. C. H. Wright, England, father).

Canterbury Infantry Battalion.

Bruce, R. G., sergeant (J. Bruce, Lawrence, father).

Chase, E., private (Mrs M. Chase, Lakes, mother).

Ogden, C. S., lance-corporal (Nurse M. C. Ogden, Christchurch).

Newcombe, F. G., private (W. H. Newcombe, Rouland).

Swanson, C. A., private (E. M. Edwards, Glasgow, sister).

Otago Infantry Battalion.

Ferguson, W. A., private (William Ferguson, Invercargill, uncle).

Suckling, W. F., corporal (W. H. Suckling, Newtown, father).

Sutherland, J. H., private (J. H. Sutherland, Longbush, Southland, mother).

N.Z. Rifle Brigade.

Rayner, A., rifleman (Mrs H. Rayner, Waipukurau, Hawke's Bay, mother).

Army Service Corps.

Wilson, G. G., driver (Mrs K. Wilson, Ponsonby, Auckland, mother).

Engineers.

Ching, L. G., sapper (Mrs C. Ching, Stoke, mother).

Canterbury Infantry Battalion.

Bulloch, W. J., private (Mrs G. E. Hampton, Levin, sister).

Colville, J. M., private (A. Colville, Tawaoti, brother).

Stevenson, F. E., private (J. Stevenson, Christchurch, father).

N.Z. Rifle Brigade.

Mitchell, E. E., rifleman (J. Mitchell, Wellington South, father).

Reported wounded, embarked for England:—

Canterbury Infantry Battalion.

(September 13.)

Yallop, F., private (J. Yallop, Patrick, Sussex, father).

New Zealand Rifle Brigade.

(September 17.)

Allan, J. C., rifleman (Mrs J. B. Allan, Sydenham, mother).

Cooper, E. E., rifleman (W. Cooper, Ponsonby, father).

Simmonds, A. J., rifleman (Mrs S. Simmonds, Mercer, sister).

Wellington Infantry Battalion.

(September 19.)

Hansen, H., private (Mrs R. P. Hansen, Mauriceville, father).

Wallace, E., private (F. Wallace, Inglewood, father).

Canterbury Infantry Battalion.

Wilson, M., private (Mrs H. Wratten, Lower Moutere, mother).

Canterbury Mounted Rifles.

(September 20.)

Tritt, L. F., trooper (Mrs F. Tritt, Oxford, Canterbury, mother).

New Zealand Field Artillery.

Scrimshaw, H. N., bombardier (G. G. Scrimshaw, Sunmina, father).

Auckland Infantry Battalion.

Gordon, R., private (Mrs Harley, Wetmore, New Plymouth, mother).

Sissons, H. W. H., private (Mrs E. Sissons, Huntly, mother).

Wellington Infantry Battalion.

Atkinson, H. R., private (J. W. Atkinson, London, father).

Clark, D. P., private (Mrs J. P. Clark, Featherston).

Coleman, P. E., private (G. C. Coleman, Great Yarmouth, England).

Lowe, W. C., private (Mrs J. Lloyd, London, mother).

Canterbury Infantry Battalion.

Feilds, J., private (Mrs E. Feilds, Godthaab, Copenhagen, mother).

Hunter, C. W., private (Mrs C. Hanson, Geraldine, mother).

Petrie, J. A., private (J. W. Petrie, St. Clair, father).

Surridge, F. G., private (W. Surridge, Fairlie, brother).

New Zealand Rifle Brigade.

Byers, A., rifleman (A. Byers, Auckland, father).

Faulkner, F. W., rifleman (K. Bates, Christchurch, sister).

Langstaff, N., rifleman (Mrs N. Langstaff, Wellington, father).

MAORI FORCE.

Previously reported missing, now reported admitted hospital, wounded:—

Pure, F. J. O. M., private (Mrs Tutepe Waiwhara, Waikaroa, Hawke's Bay), September 16.

Wounded, admitted hospital, September 14:—

Hura, T. (M. Hura, Waima, Hawke's Bay).

Hura, T. H. (H. Kiwara, Te Araroa, mother).

Tahu, H. (R. Tahu, Frasertown, Wairoa, Hawke's Bay), September 19.

SICK AND WOUNDED.

HOSPITAL PROGRESS REPORT.

A report received from hospitals was issued on Saturday as follows:—

Dangerously ill, pneumonia:—

New Zealand Engineers.

Stokes, A. C. (Mrs M. Stokes, Mount Eden, wife).

Admitted 17th General Hospital, Alexandria:—

Canterbury Mounted Rifles.

Dunbar, J. W. (Mrs D. Dunbar, Lyttelton, mother); seriously ill, September 19.

Admitted to hospital:—

New Zealand Rifle Brigade.

Russell, R. (Mrs M. Russell, Leithfield, Canterbury, sister); abdominal rupture, September 13.

12th General Hospital, Rouen:—

New Zealand Army Service Corps.

Wilkie, W., private (J. Wilkie, Glencaimaru); now out of danger.

AUSTRALIAN FORCES.

NEW ZEALANDERS MENTIONED.

The following casualties were reported on Saturday to members of the Australian Army having next-of-kin in New Zealand (all are privates unless otherwise mentioned):—

KILLED IN ACTION.

Baxter, T. E. (J. Baxter, Invercargill, father); August 24.

MISSING.

Chisholm, J. (Mrs M. Chisholm, Hikurangi or Whangarei, mother); August 31.
